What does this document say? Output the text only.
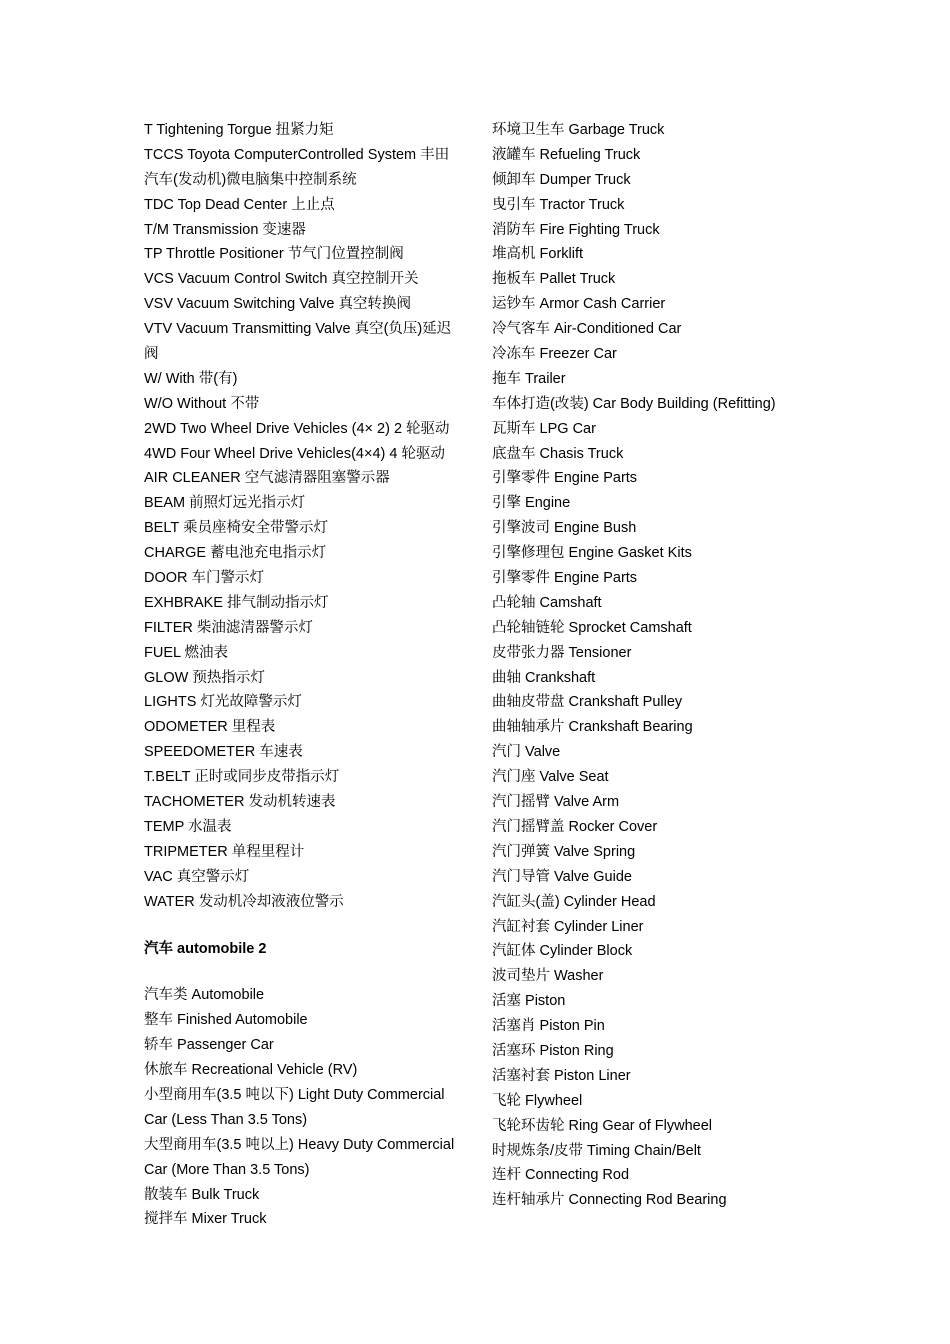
T Tightening Torgue 扭紧力矩
TCCS Toyota ComputerControlled System 丰田
汽车(发动机)微电脑集中控制系统
TDC Top Dead Center 上止点
T/M Transmission 变速器
TP Throttle Positioner 节气门位置控制阀
VCS Vacuum Control Switch 真空控制开关
VSV Vacuum Switching Valve 真空转换阀
VTV Vacuum Transmitting Valve 真空(负压)延迟
阀
W/ With 带(有)
W/O Without 不带
2WD Two Wheel Drive Vehicles (4× 2) 2 轮驱动
4WD Four Wheel Drive Vehicles(4×4) 4 轮驱动
AIR CLEANER 空气滤清器阻塞警示器
BEAM 前照灯远光指示灯
BELT 乘员座椅安全带警示灯
CHARGE 蓄电池充电指示灯
DOOR 车门警示灯
EXHBRAKE 排气制动指示灯
FILTER 柴油滤清器警示灯
FUEL 燃油表
GLOW 预热指示灯
LIGHTS 灯光故障警示灯
ODOMETER 里程表
SPEEDOMETER 车速表
T.BELT 正时或同步皮带指示灯
TACHOMETER 发动机转速表
TEMP 水温表
TRIPMETER 单程里程计
VAC 真空警示灯
WATER 发动机冷却液液位警示
汽车 automobile 2
汽车类 Automobile
整车 Finished Automobile
轿车 Passenger Car
休旅车 Recreational Vehicle (RV)
小型商用车(3.5 吨以下) Light Duty Commercial
Car (Less Than 3.5 Tons)
大型商用车(3.5 吨以上) Heavy Duty Commercial
Car (More Than 3.5 Tons)
散装车 Bulk Truck
搅拌车 Mixer Truck
环境卫生车 Garbage Truck
液罐车 Refueling Truck
倾卸车 Dumper Truck
曳引车 Tractor Truck
消防车 Fire Fighting Truck
堆高机 Forklift
拖板车 Pallet Truck
运钞车 Armor Cash Carrier
冷气客车 Air-Conditioned Car
冷冻车 Freezer Car
拖车 Trailer
车体打造(改装) Car Body Building (Refitting)
瓦斯车 LPG Car
底盘车 Chasis Truck
引擎零件 Engine Parts
引擎 Engine
引擎波司 Engine Bush
引擎修理包 Engine Gasket Kits
引擎零件 Engine Parts
凸轮轴 Camshaft
凸轮轴链轮 Sprocket Camshaft
皮带张力器 Tensioner
曲轴 Crankshaft
曲轴皮带盘 Crankshaft Pulley
曲轴轴承片 Crankshaft Bearing
汽门 Valve
汽门座 Valve Seat
汽门摇臂 Valve Arm
汽门摇臂盖 Rocker Cover
汽门弹簧 Valve Spring
汽门导管 Valve Guide
汽缸头(盖) Cylinder Head
汽缸衬套 Cylinder Liner
汽缸体 Cylinder Block
波司垫片 Washer
活塞 Piston
活塞肖 Piston Pin
活塞环 Piston Ring
活塞衬套 Piston Liner
飞轮 Flywheel
飞轮环齿轮 Ring Gear of Flywheel
时规炼条/皮带 Timing Chain/Belt
连杆 Connecting Rod
连杆轴承片 Connecting Rod Bearing
